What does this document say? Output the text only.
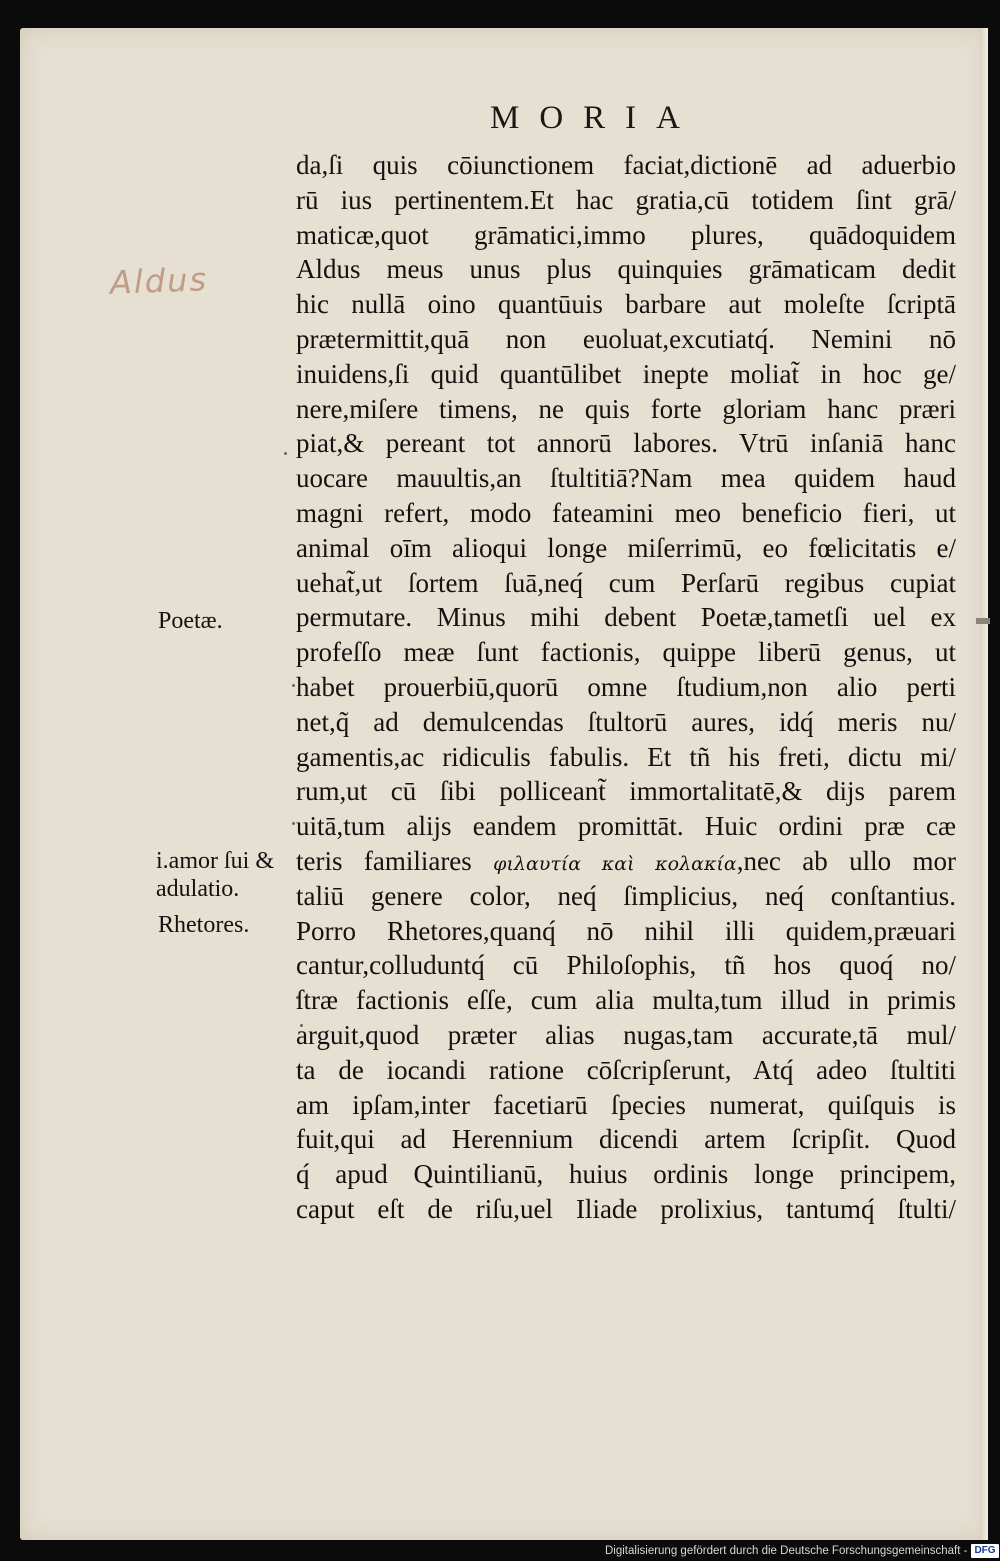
MORIA
Aldus
Poetæ.
i.amor ſui &
adulatio.
Rhetores.
da,ſi quis cōiunctionem faciat,dictionē ad aduerbio
rū ius pertinentem.Et hac gratia,cū totidem ſint grā/
maticæ,quot grāmatici,immo plures, quādoquidem
Aldus meus unus plus quinquies grāmaticam dedit
hic nullā oino quantūuis barbare aut moleſte ſcriptā
prætermittit,quā non euoluat,excutiatq́. Nemini nō
inuidens,ſi quid quantūlibet inepte moliat̃ in hoc ge/
nere,miſere timens, ne quis forte gloriam hanc præri
piat,& pereant tot annorū labores. Vtrū inſaniā hanc
uocare mauultis,an ſtultitiā?Nam mea quidem haud
magni refert, modo fateamini meo beneficio fieri, ut
animal oīm alioqui longe miſerrimū, eo fœlicitatis e/
uehat̃,ut ſortem ſuā,neq́ cum Perſarū regibus cupiat
permutare. Minus mihi debent Poetæ,tametſi uel ex
profeſſo meæ ſunt factionis, quippe liberū genus, ut
habet prouerbiū,quorū omne ſtudium,non alio perti
net,q̃ ad demulcendas ſtultorū aures, idq́ meris nu/
gamentis,ac ridiculis fabulis. Et tñ his freti, dictu mi/
rum,ut cū ſibi polliceant̃ immortalitatē,& dijs parem
uitā,tum alijs eandem promittāt. Huic ordini præ cæ
teris familiares φιλαυτία καὶ κολακία,nec ab ullo mor
taliū genere color, neq́ ſimplicius, neq́ conſtantius.
Porro Rhetores,quanq́ nō nihil illi quidem,præuari
cantur,colluduntq́ cū Philoſophis, tñ hos quoq́ no/
ſtræ factionis eſſe, cum alia multa,tum illud in primis
arguit,quod præter alias nugas,tam accurate,tā mul/
ta de iocandi ratione cōſcripſerunt, Atq́ adeo ſtultiti
am ipſam,inter facetiarū ſpecies numerat, quiſquis is
fuit,qui ad Herennium dicendi artem ſcripſit. Quod
q́ apud Quintilianū, huius ordinis longe principem,
caput eſt de riſu,uel Iliade prolixius, tantumq́ ſtulti/
Digitalisierung gefördert durch die Deutsche Forschungsgemeinschaft - DFG
